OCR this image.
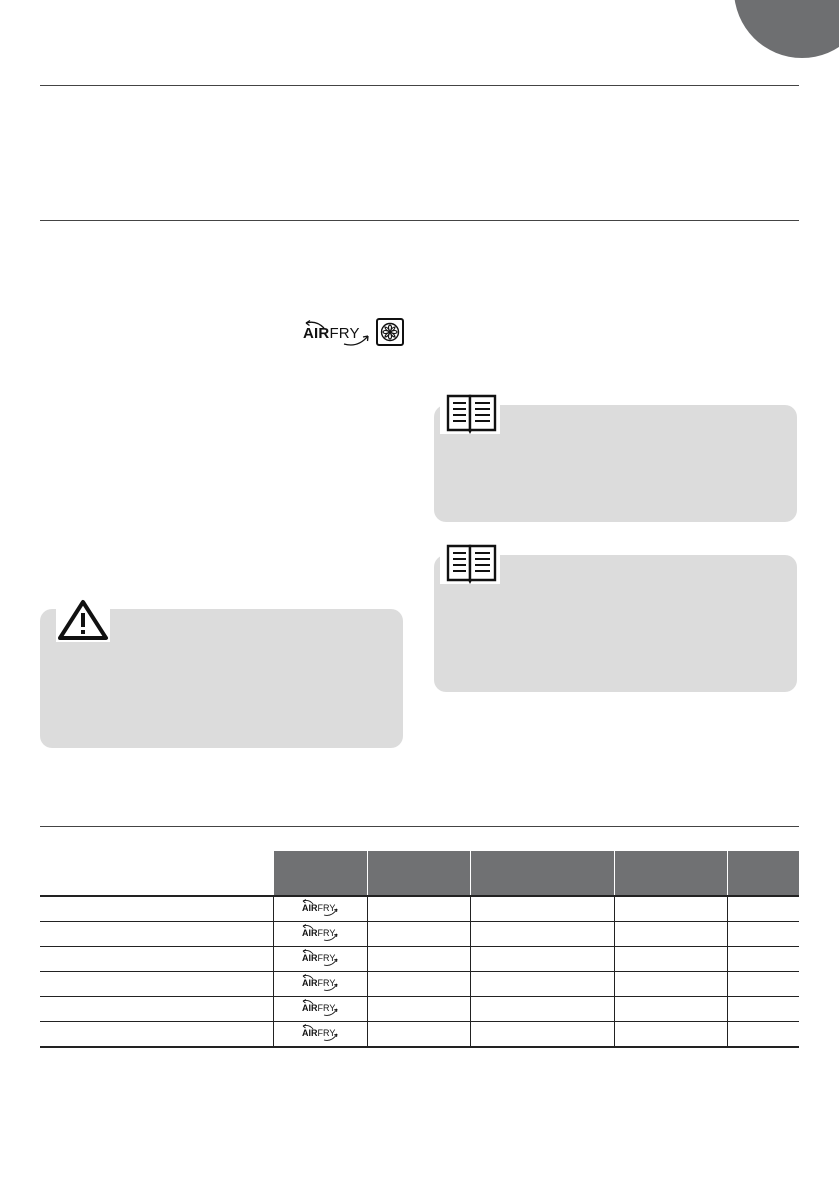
AIRFRY

	AIRFRY				

	AIRFRY				

	AIRFRY				

	AIRFRY				

	AIRFRY				

	AIRFRY				
